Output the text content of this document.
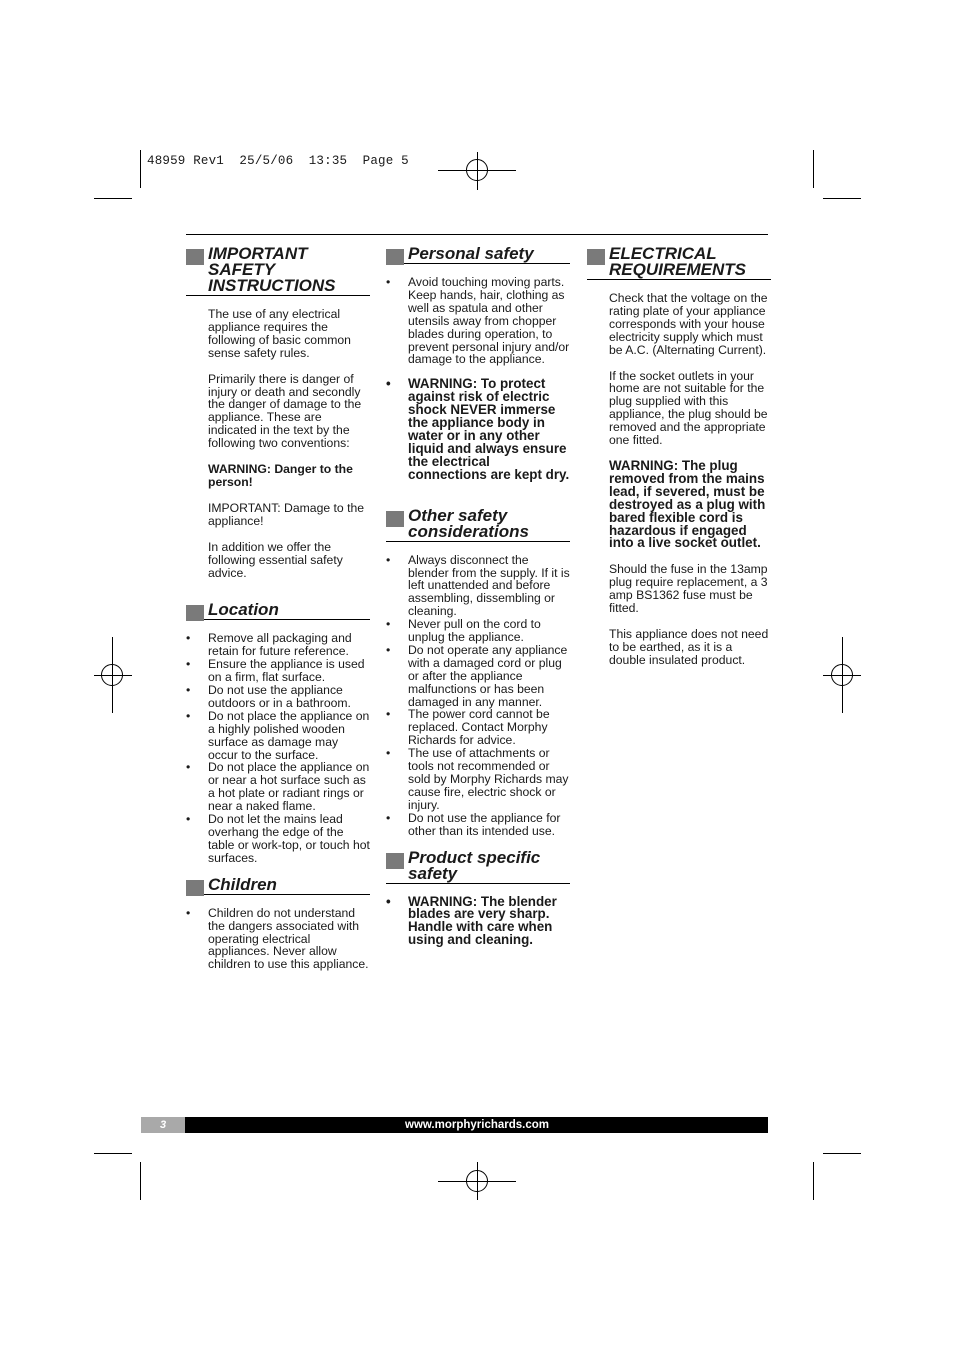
48959 Rev1  25/5/06  13:35  Page 5
IMPORTANT SAFETY INSTRUCTIONS

The use of any electrical appliance requires the following of basic common sense safety rules.

Primarily there is danger of injury or death and secondly the danger of damage to the appliance. These are indicated in the text by the following two conventions:

WARNING: Danger to the person!

IMPORTANT: Damage to the appliance!

In addition we offer the following essential safety advice.

Location
• Remove all packaging and retain for future reference.
• Ensure the appliance is used on a firm, flat surface.
• Do not use the appliance outdoors or in a bathroom.
• Do not place the appliance on a highly polished wooden surface as damage may occur to the surface.
• Do not place the appliance on or near a hot surface such as a hot plate or radiant rings or near a naked flame.
• Do not let the mains lead overhang the edge of the table or work-top, or touch hot surfaces.
Children
• Children do not understand the dangers associated with operating electrical appliances. Never allow children to use this appliance.
Personal safety
• Avoid touching moving parts. Keep hands, hair, clothing as well as spatula and other utensils away from chopper blades during operation, to prevent personal injury and/or damage to the appliance.
• WARNING: To protect against risk of electric shock NEVER immerse the appliance body in water or in any other liquid and always ensure the electrical connections are kept dry.
Other safety considerations
• Always disconnect the blender from the supply. If it is left unattended and before assembling, dissembling or cleaning.
• Never pull on the cord to unplug the appliance.
• Do not operate any appliance with a damaged cord or plug or after the appliance malfunctions or has been damaged in any manner.
• The power cord cannot be replaced. Contact Morphy Richards for advice.
• The use of attachments or tools not recommended or sold by Morphy Richards may cause fire, electric shock or injury.
• Do not use the appliance for other than its intended use.
Product specific safety
• WARNING: The blender blades are very sharp. Handle with care when using and cleaning.
ELECTRICAL REQUIREMENTS

Check that the voltage on the rating plate of your appliance corresponds with your house electricity supply which must be A.C. (Alternating Current).

If the socket outlets in your home are not suitable for the plug supplied with this appliance, the plug should be removed and the appropriate one fitted.

WARNING: The plug removed from the mains lead, if severed, must be destroyed as a plug with bared flexible cord is hazardous if engaged into a live socket outlet.

Should the fuse in the 13amp plug require replacement, a 3 amp BS1362 fuse must be fitted.

This appliance does not need to be earthed, as it is a double insulated product.

3	www.morphyrichards.com
